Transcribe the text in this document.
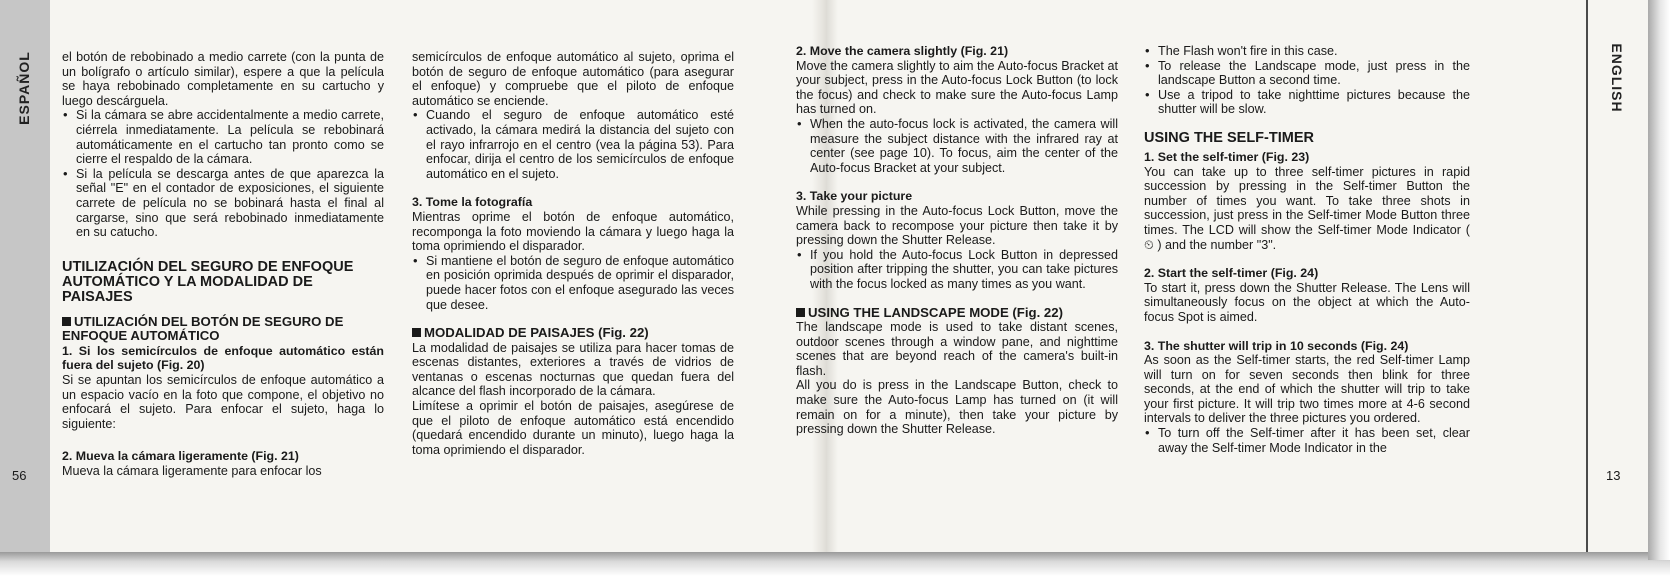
ESPAÑOL
56

el botón de rebobinado a medio carrete (con la punta de un bolígrafo o artículo similar), espere a que la película se haya rebobinado completamente en su cartucho y luego descárguela.

• Si la cámara se abre accidentalmente a medio carrete, ciérrela inmediatamente. La película se rebobinará automáticamente en el cartucho tan pronto como se cierre el respaldo de la cámara.

• Si la película se descarga antes de que aparezca la señal "E" en el contador de exposiciones, el siguiente carrete de película no se bobinará hasta el final al cargarse, sino que será rebobinado inmediatamente en su catucho.

UTILIZACIÓN DEL SEGURO DE ENFOQUE AUTOMÁTICO Y LA MODALIDAD DE PAISAJES

UTILIZACIÓN DEL BOTÓN DE SEGURO DE ENFOQUE AUTOMÁTICO

1. Si los semicírculos de enfoque automático están fuera del sujeto (Fig. 20)

Si se apuntan los semicírculos de enfoque automático a un espacio vacío en la foto que compone, el objetivo no enfocará el sujeto. Para enfocar el sujeto, haga lo siguiente:

2. Mueva la cámara ligeramente (Fig. 21)

Mueva la cámara ligeramente para enfocar los

semicírculos de enfoque automático al sujeto, oprima el botón de seguro de enfoque automático (para asegurar el enfoque) y compruebe que el piloto de enfoque automático se enciende.

• Cuando el seguro de enfoque automático esté activado, la cámara medirá la distancia del sujeto con el rayo infrarrojo en el centro (vea la página 53). Para enfocar, dirija el centro de los semicírculos de enfoque automático en el sujeto.

3. Tome la fotografía

Mientras oprime el botón de enfoque automático, recomponga la foto moviendo la cámara y luego haga la toma oprimiendo el disparador.

• Si mantiene el botón de seguro de enfoque automático en posición oprimida después de oprimir el disparador, puede hacer fotos con el enfoque asegurado las veces que desee.

MODALIDAD DE PAISAJES (Fig. 22)

La modalidad de paisajes se utiliza para hacer tomas de escenas distantes, exteriores a través de vidrios de ventanas o escenas nocturnas que quedan fuera del alcance del flash incorporado de la cámara.

Limítese a oprimir el botón de paisajes, asegúrese de que el piloto de enfoque automático está encendido (quedará encendido durante un minuto), luego haga la toma oprimiendo el disparador.

2. Move the camera slightly (Fig. 21)

Move the camera slightly to aim the Auto-focus Bracket at your subject, press in the Auto-focus Lock Button (to lock the focus) and check to make sure the Auto-focus Lamp has turned on.

• When the auto-focus lock is activated, the camera will measure the subject distance with the infrared ray at center (see page 10). To focus, aim the center of the Auto-focus Bracket at your subject.

3. Take your picture

While pressing in the Auto-focus Lock Button, move the camera back to recompose your picture then take it by pressing down the Shutter Release.

• If you hold the Auto-focus Lock Button in depressed position after tripping the shutter, you can take pictures with the focus locked as many times as you want.

USING THE LANDSCAPE MODE (Fig. 22)

The landscape mode is used to take distant scenes, outdoor scenes through a window pane, and nighttime scenes that are beyond reach of the camera's built-in flash.

All you do is press in the Landscape Button, check to make sure the Auto-focus Lamp has turned on (it will remain on for a minute), then take your picture by pressing down the Shutter Release.

• The Flash won't fire in this case.

• To release the Landscape mode, just press in the landscape Button a second time.

• Use a tripod to take nighttime pictures because the shutter will be slow.

USING THE SELF-TIMER

1. Set the self-timer (Fig. 23)

You can take up to three self-timer pictures in rapid succession by pressing in the Self-timer Button the number of times you want. To take three shots in succession, just press in the Self-timer Mode Button three times. The LCD will show the Self-timer Mode Indicator ( ⏲ ) and the number "3".

2. Start the self-timer (Fig. 24)

To start it, press down the Shutter Release. The Lens will simultaneously focus on the object at which the Auto-focus Spot is aimed.

3. The shutter will trip in 10 seconds (Fig. 24)

As soon as the Self-timer starts, the red Self-timer Lamp will turn on for seven seconds then blink for three seconds, at the end of which the shutter will trip to take your first picture. It will trip two times more at 4-6 second intervals to deliver the three pictures you ordered.

• To turn off the Self-timer after it has been set, clear away the Self-timer Mode Indicator in the

ENGLISH
13
